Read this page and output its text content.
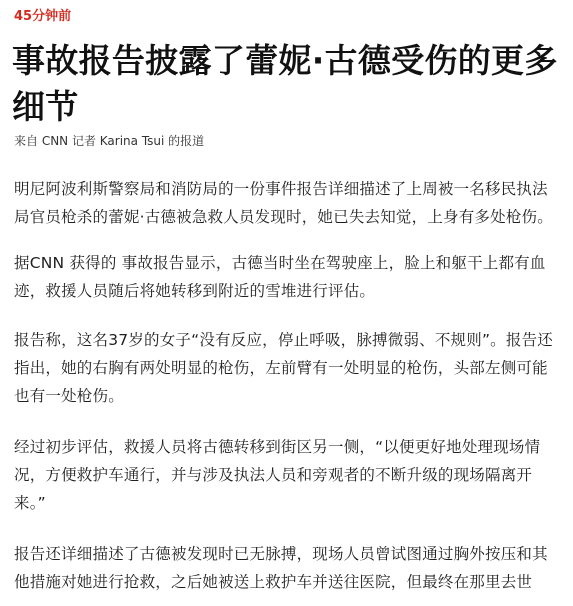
45分钟前
事故报告披露了蕾妮·古德受伤的更多细节
来自 CNN 记者 Karina Tsui 的报道

明尼阿波利斯警察局和消防局的一份事件报告详细描述了上周被一名移民执法局官员枪杀的蕾妮·古德被急救人员发现时，她已失去知觉，上身有多处枪伤。

据CNN 获得的 事故报告显示，古德当时坐在驾驶座上，脸上和躯干上都有血迹，救援人员随后将她转移到附近的雪堆进行评估。

报告称，这名37岁的女子“没有反应，停止呼吸，脉搏微弱、不规则”。报告还指出，她的右胸有两处明显的枪伤，左前臂有一处明显的枪伤，头部左侧可能也有一处枪伤。

经过初步评估，救援人员将古德转移到街区另一侧，“以便更好地处理现场情况，方便救护车通行，并与涉及执法人员和旁观者的不断升级的现场隔离开来。”

报告还详细描述了古德被发现时已无脉搏，现场人员曾试图通过胸外按压和其他措施对她进行抢救，之后她被送上救护车并送往医院，但最终在那里去世
